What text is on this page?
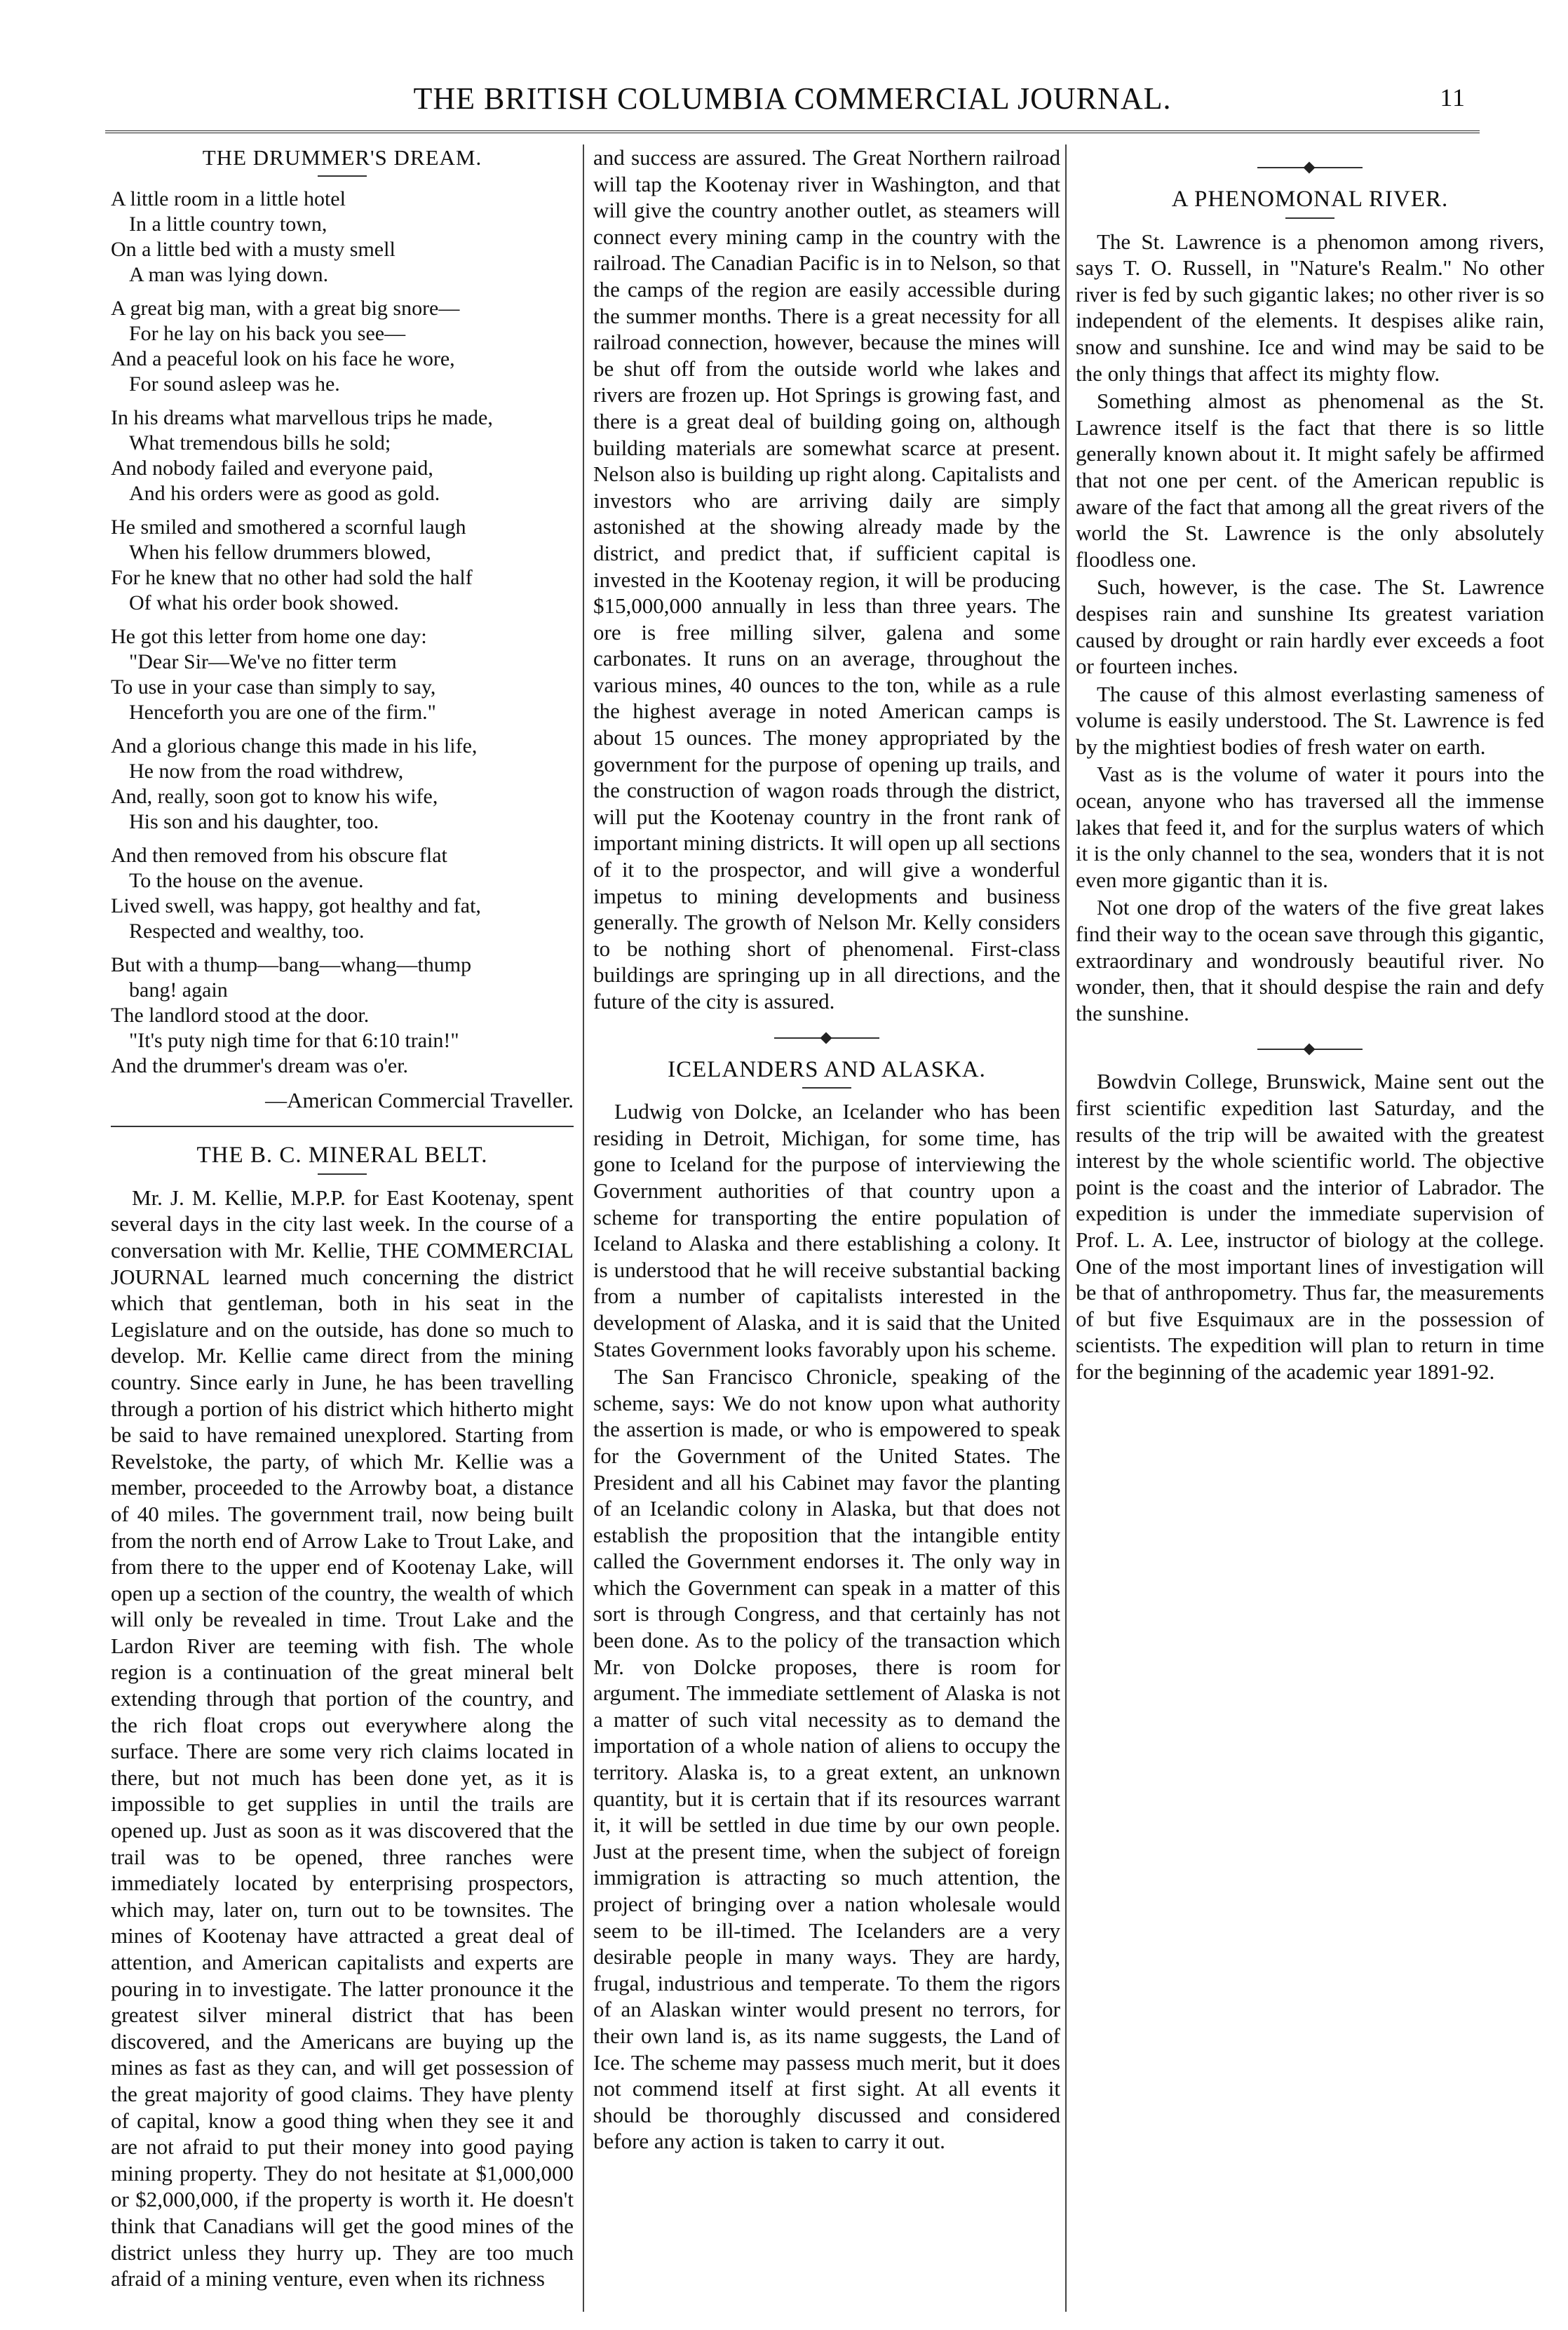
THE BRITISH COLUMBIA COMMERCIAL JOURNAL.	11
THE DRUMMER'S DREAM.
A little room in a little hotel
In a little country town,
On a little bed with a musty smell
A man was lying down.
A great big man, with a great big snore—
For he lay on his back you see—
And a peaceful look on his face he wore,
For sound asleep was he.
In his dreams what marvellous trips he made,
What tremendous bills he sold;
And nobody failed and everyone paid,
And his orders were as good as gold.
He smiled and smothered a scornful laugh
When his fellow drummers blowed,
For he knew that no other had sold the half
Of what his order book showed.
He got this letter from home one day:
"Dear Sir—We've no fitter term
To use in your case than simply to say,
Henceforth you are one of the firm."
And a glorious change this made in his life,
He now from the road withdrew,
And, really, soon got to know his wife,
His son and his daughter, too.
And then removed from his obscure flat
To the house on the avenue.
Lived swell, was happy, got healthy and fat,
Respected and wealthy, too.
But with a thump—bang—whang—thump
bang! again
The landlord stood at the door.
"It's puty nigh time for that 6:10 train!"
And the drummer's dream was o'er.
—American Commercial Traveller.
THE B. C. MINERAL BELT.

Mr. J. M. Kellie, M.P.P. for East Kootenay, spent several days in the city last week. In the course of a conversation with Mr. Kellie, THE COMMERCIAL JOURNAL learned much concerning the district which that gentleman, both in his seat in the Legislature and on the outside, has done so much to develop. Mr. Kellie came direct from the mining country. Since early in June, he has been travelling through a portion of his district which hitherto might be said to have remained unexplored. Starting from Revelstoke, the party, of which Mr. Kellie was a member, proceeded to the Arrowby boat, a distance of 40 miles. The government trail, now being built from the north end of Arrow Lake to Trout Lake, and from there to the upper end of Kootenay Lake, will open up a section of the country, the wealth of which will only be revealed in time. Trout Lake and the Lardon River are teeming with fish. The whole region is a continuation of the great mineral belt extending through that portion of the country, and the rich float crops out everywhere along the surface. There are some very rich claims located in there, but not much has been done yet, as it is impossible to get supplies in until the trails are opened up. Just as soon as it was discovered that the trail was to be opened, three ranches were immediately located by enterprising prospectors, which may, later on, turn out to be townsites. The mines of Kootenay have attracted a great deal of attention, and American capitalists and experts are pouring in to investigate. The latter pronounce it the greatest silver mineral district that has been discovered, and the Americans are buying up the mines as fast as they can, and will get possession of the great majority of good claims. They have plenty of capital, know a good thing when they see it and are not afraid to put their money into good paying mining property. They do not hesitate at $1,000,000 or $2,000,000, if the property is worth it. He doesn't think that Canadians will get the good mines of the district unless they hurry up. They are too much afraid of a mining venture, even when its richness

and success are assured. The Great Northern railroad will tap the Kootenay river in Washington, and that will give the country another outlet, as steamers will connect every mining camp in the country with the railroad. The Canadian Pacific is in to Nelson, so that the camps of the region are easily accessible during the summer months. There is a great necessity for all railroad connection, however, because the mines will be shut off from the outside world whe lakes and rivers are frozen up. Hot Springs is growing fast, and there is a great deal of building going on, although building materials are somewhat scarce at present. Nelson also is building up right along. Capitalists and investors who are arriving daily are simply astonished at the showing already made by the district, and predict that, if sufficient capital is invested in the Kootenay region, it will be producing $15,000,000 annually in less than three years. The ore is free milling silver, galena and some carbonates. It runs on an average, throughout the various mines, 40 ounces to the ton, while as a rule the highest average in noted American camps is about 15 ounces. The money appropriated by the government for the purpose of opening up trails, and the construction of wagon roads through the district, will put the Kootenay country in the front rank of important mining districts. It will open up all sections of it to the prospector, and will give a wonderful impetus to mining developments and business generally. The growth of Nelson Mr. Kelly considers to be nothing short of phenomenal. First-class buildings are springing up in all directions, and the future of the city is assured.

ICELANDERS AND ALASKA.

Ludwig von Dolcke, an Icelander who has been residing in Detroit, Michigan, for some time, has gone to Iceland for the purpose of interviewing the Government authorities of that country upon a scheme for transporting the entire population of Iceland to Alaska and there establishing a colony. It is understood that he will receive substantial backing from a number of capitalists interested in the development of Alaska, and it is said that the United States Government looks favorably upon his scheme.

The San Francisco Chronicle, speaking of the scheme, says: We do not know upon what authority the assertion is made, or who is empowered to speak for the Government of the United States. The President and all his Cabinet may favor the planting of an Icelandic colony in Alaska, but that does not establish the proposition that the intangible entity called the Government endorses it. The only way in which the Government can speak in a matter of this sort is through Congress, and that certainly has not been done. As to the policy of the transaction which Mr. von Dolcke proposes, there is room for argument. The immediate settlement of Alaska is not a matter of such vital necessity as to demand the importation of a whole nation of aliens to occupy the territory. Alaska is, to a great extent, an unknown quantity, but it is certain that if its resources warrant it, it will be settled in due time by our own people. Just at the present time, when the subject of foreign immigration is attracting so much attention, the project of bringing over a nation wholesale would seem to be ill-timed. The Icelanders are a very desirable people in many ways. They are hardy, frugal, industrious and temperate. To them the rigors of an Alaskan winter would present no terrors, for their own land is, as its name suggests, the Land of Ice. The scheme may passess much merit, but it does not commend itself at first sight. At all events it should be thoroughly discussed and considered before any action is taken to carry it out.

A PHENOMONAL RIVER.

The St. Lawrence is a phenomon among rivers, says T. O. Russell, in "Nature's Realm." No other river is fed by such gigantic lakes; no other river is so independent of the elements. It despises alike rain, snow and sunshine. Ice and wind may be said to be the only things that affect its mighty flow.

Something almost as phenomenal as the St. Lawrence itself is the fact that there is so little generally known about it. It might safely be affirmed that not one per cent. of the American republic is aware of the fact that among all the great rivers of the world the St. Lawrence is the only absolutely floodless one.

Such, however, is the case. The St. Lawrence despises rain and sunshine Its greatest variation caused by drought or rain hardly ever exceeds a foot or fourteen inches.

The cause of this almost everlasting sameness of volume is easily understood. The St. Lawrence is fed by the mightiest bodies of fresh water on earth.

Vast as is the volume of water it pours into the ocean, anyone who has traversed all the immense lakes that feed it, and for the surplus waters of which it is the only channel to the sea, wonders that it is not even more gigantic than it is.

Not one drop of the waters of the five great lakes find their way to the ocean save through this gigantic, extraordinary and wondrously beautiful river. No wonder, then, that it should despise the rain and defy the sunshine.

Bowdvin College, Brunswick, Maine sent out the first scientific expedition last Saturday, and the results of the trip will be awaited with the greatest interest by the whole scientific world. The objective point is the coast and the interior of Labrador. The expedition is under the immediate supervision of Prof. L. A. Lee, instructor of biology at the college. One of the most important lines of investigation will be that of anthropometry. Thus far, the measurements of but five Esquimaux are in the possession of scientists. The expedition will plan to return in time for the beginning of the academic year 1891-92.
